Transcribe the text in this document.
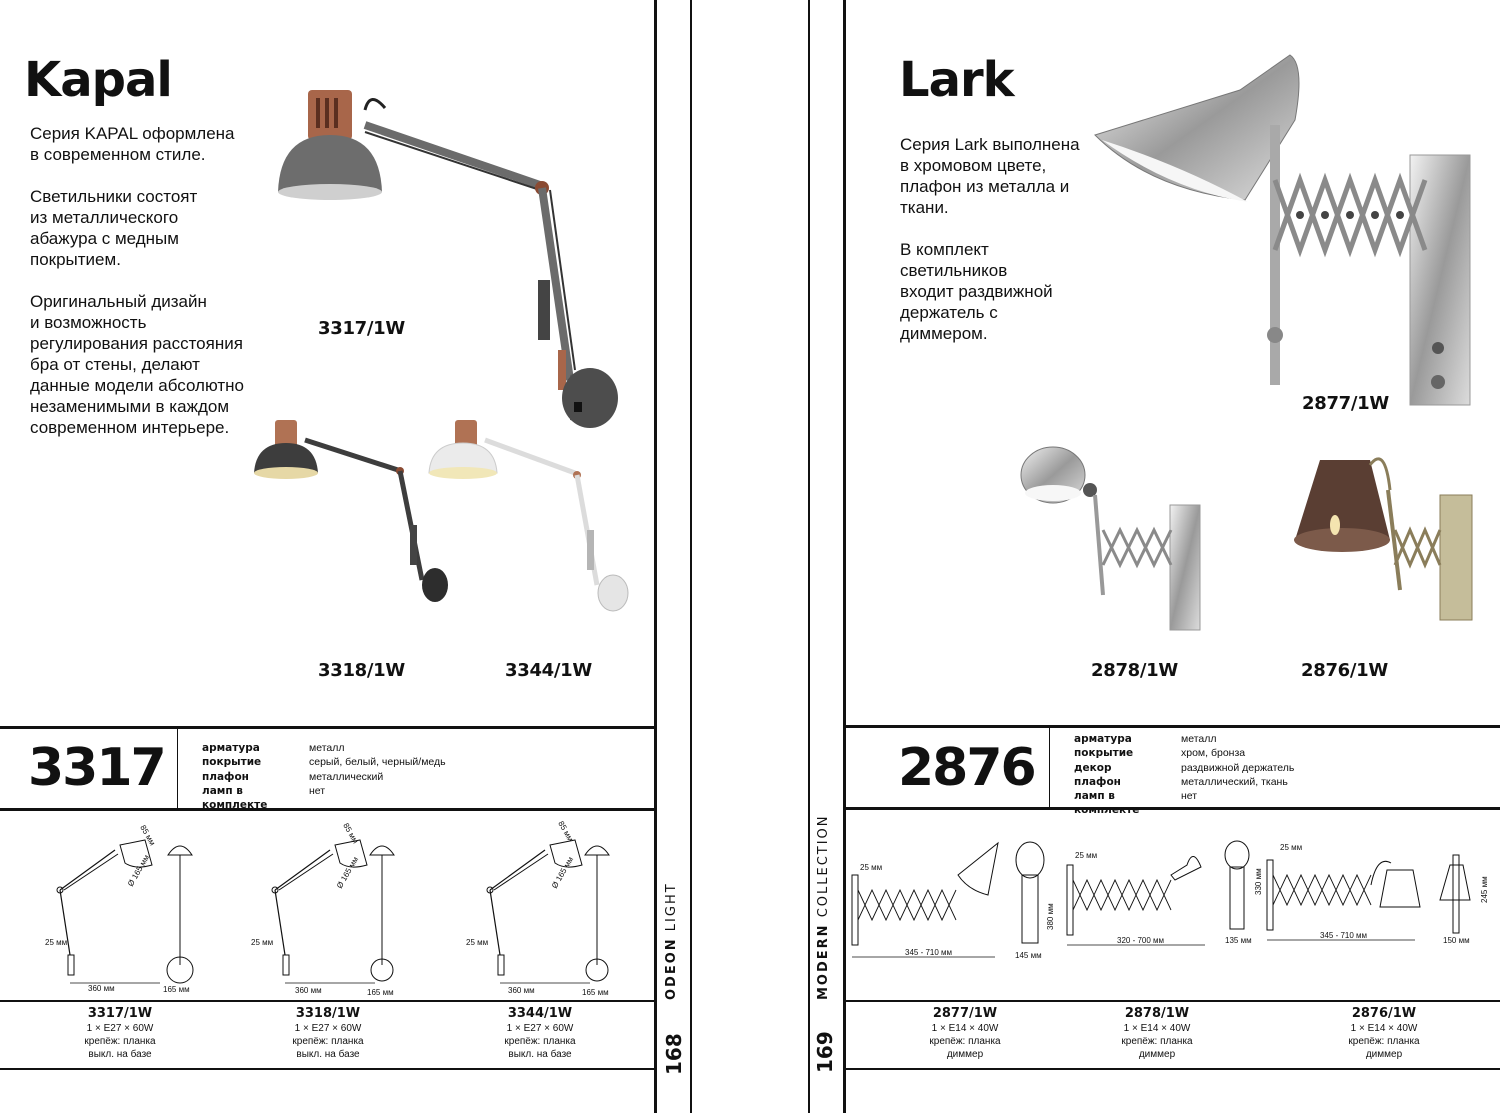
Kapal
Серия KAPAL оформлена
в современном стиле.
Светильники состоят
из металлического
абажура с медным
покрытием.
Оригинальный дизайн
и возможность
регулирования расстояния
бра от стены, делают
данные модели абсолютно
незаменимыми в каждом
современном интерьере.
3317/1W
3318/1W	3344/1W
3317	арматура	металл
покрытие	серый, белый, черный/медь
плафон	металлический
ламп в комплекте
нет
360 мм
25 мм
85 мм
Ø 165 мм
165 мм	360 мм
25 мм
85 мм
Ø 165 мм
165 мм	360 мм
25 мм
85 мм
Ø 165 мм
165 мм
3317/1W
1 × E27 × 60W
крепёж: планка
выкл. на базе
3318/1W
1 × E27 × 60W
крепёж: планка
выкл. на базе
3344/1W
1 × E27 × 60W
крепёж: планка
выкл. на базе
ODEON LIGHT
168
MODERN COLLECTION
169
Lark
Серия Lark выполнена
в хромовом цвете,
плафон из металла и
ткани.
В комплект
светильников
входит раздвижной
держатель с
диммером.
2877/1W
2878/1W	2876/1W
2876	арматура	металл
покрытие	хром, бронза
декор	раздвижной держатель
плафон	металлический, ткань
ламп в комплекте
нет
25 мм
345 - 710 мм
380 мм
145 мм
25 мм
320 - 700 мм
330 мм
135 мм
25 мм
345 - 710 мм
245 мм
150 мм
2877/1W
1 × E14 × 40W
крепёж: планка
диммер
2878/1W
1 × E14 × 40W
крепёж: планка
диммер
2876/1W
1 × E14 × 40W
крепёж: планка
диммер
